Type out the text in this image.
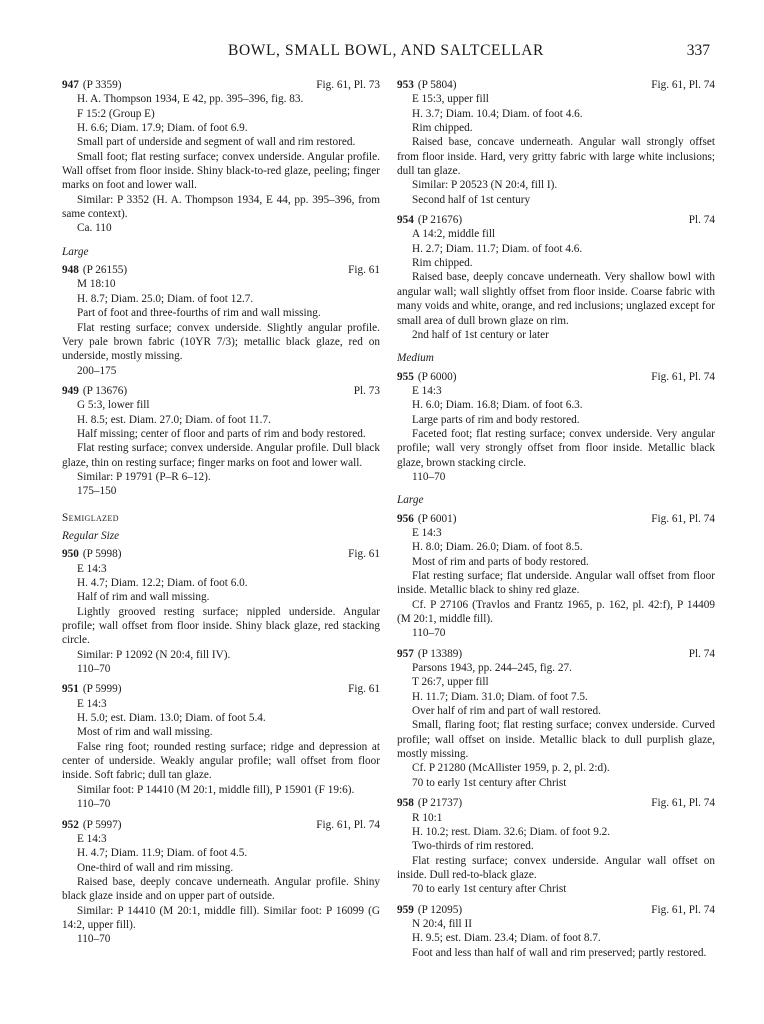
BOWL, SMALL BOWL, AND SALTCELLAR	337
947 (P 3359)	Fig. 61, Pl. 73
H. A. Thompson 1934, E 42, pp. 395–396, fig. 83.
F 15:2 (Group E)
H. 6.6; Diam. 17.9; Diam. of foot 6.9.
Small part of underside and segment of wall and rim restored.
Small foot; flat resting surface; convex underside. Angular profile. Wall offset from floor inside. Shiny black-to-red glaze, peeling; finger marks on foot and lower wall.
Similar: P 3352 (H. A. Thompson 1934, E 44, pp. 395–396, from same context).
Ca. 110
Large
948 (P 26155)	Fig. 61
M 18:10
H. 8.7; Diam. 25.0; Diam. of foot 12.7.
Part of foot and three-fourths of rim and wall missing.
Flat resting surface; convex underside. Slightly angular profile. Very pale brown fabric (10YR 7/3); metallic black glaze, red on underside, mostly missing.
200–175
949 (P 13676)	Pl. 73
G 5:3, lower fill
H. 8.5; est. Diam. 27.0; Diam. of foot 11.7.
Half missing; center of floor and parts of rim and body restored.
Flat resting surface; convex underside. Angular profile. Dull black glaze, thin on resting surface; finger marks on foot and lower wall.
Similar: P 19791 (P–R 6–12).
175–150
Semiglazed
Regular Size
950 (P 5998)	Fig. 61
E 14:3
H. 4.7; Diam. 12.2; Diam. of foot 6.0.
Half of rim and wall missing.
Lightly grooved resting surface; nippled underside. Angular profile; wall offset from floor inside. Shiny black glaze, red stacking circle.
Similar: P 12092 (N 20:4, fill IV).
110–70
951 (P 5999)	Fig. 61
E 14:3
H. 5.0; est. Diam. 13.0; Diam. of foot 5.4.
Most of rim and wall missing.
False ring foot; rounded resting surface; ridge and depression at center of underside. Weakly angular profile; wall offset from floor inside. Soft fabric; dull tan glaze.
Similar foot: P 14410 (M 20:1, middle fill), P 15901 (F 19:6).
110–70
952 (P 5997)	Fig. 61, Pl. 74
E 14:3
H. 4.7; Diam. 11.9; Diam. of foot 4.5.
One-third of wall and rim missing.
Raised base, deeply concave underneath. Angular profile. Shiny black glaze inside and on upper part of outside.
Similar: P 14410 (M 20:1, middle fill). Similar foot: P 16099 (G 14:2, upper fill).
110–70
953 (P 5804)	Fig. 61, Pl. 74
E 15:3, upper fill
H. 3.7; Diam. 10.4; Diam. of foot 4.6.
Rim chipped.
Raised base, concave underneath. Angular wall strongly offset from floor inside. Hard, very gritty fabric with large white inclusions; dull tan glaze.
Similar: P 20523 (N 20:4, fill I).
Second half of 1st century
954 (P 21676)	Pl. 74
A 14:2, middle fill
H. 2.7; Diam. 11.7; Diam. of foot 4.6.
Rim chipped.
Raised base, deeply concave underneath. Very shallow bowl with angular wall; wall slightly offset from floor inside. Coarse fabric with many voids and white, orange, and red inclusions; unglazed except for small area of dull brown glaze on rim.
2nd half of 1st century or later
Medium
955 (P 6000)	Fig. 61, Pl. 74
E 14:3
H. 6.0; Diam. 16.8; Diam. of foot 6.3.
Large parts of rim and body restored.
Faceted foot; flat resting surface; convex underside. Very angular profile; wall very strongly offset from floor inside. Metallic black glaze, brown stacking circle.
110–70
Large
956 (P 6001)	Fig. 61, Pl. 74
E 14:3
H. 8.0; Diam. 26.0; Diam. of foot 8.5.
Most of rim and parts of body restored.
Flat resting surface; flat underside. Angular wall offset from floor inside. Metallic black to shiny red glaze.
Cf. P 27106 (Travlos and Frantz 1965, p. 162, pl. 42:f), P 14409 (M 20:1, middle fill).
110–70
957 (P 13389)	Pl. 74
Parsons 1943, pp. 244–245, fig. 27.
T 26:7, upper fill
H. 11.7; Diam. 31.0; Diam. of foot 7.5.
Over half of rim and part of wall restored.
Small, flaring foot; flat resting surface; convex underside. Curved profile; wall offset on inside. Metallic black to dull purplish glaze, mostly missing.
Cf. P 21280 (McAllister 1959, p. 2, pl. 2:d).
70 to early 1st century after Christ
958 (P 21737)	Fig. 61, Pl. 74
R 10:1
H. 10.2; rest. Diam. 32.6; Diam. of foot 9.2.
Two-thirds of rim restored.
Flat resting surface; convex underside. Angular wall offset on inside. Dull red-to-black glaze.
70 to early 1st century after Christ
959 (P 12095)	Fig. 61, Pl. 74
N 20:4, fill II
H. 9.5; est. Diam. 23.4; Diam. of foot 8.7.
Foot and less than half of wall and rim preserved; partly restored.
